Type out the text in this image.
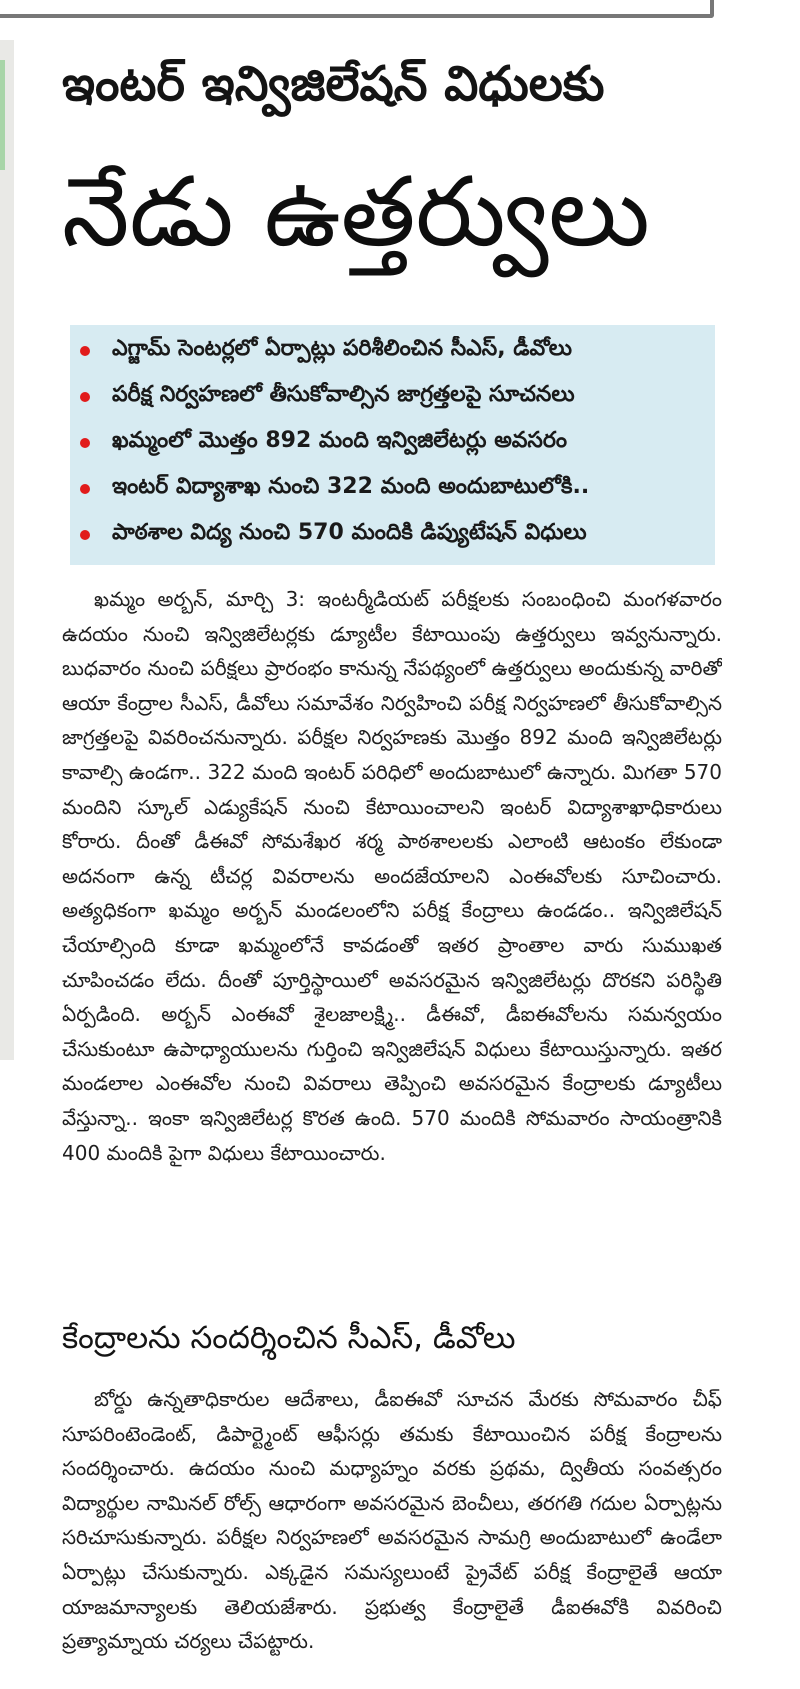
ఇంటర్ ఇన్విజిలేషన్ విధులకు
నేడు ఉత్తర్వులు
ఎగ్జామ్ సెంటర్లలో ఏర్పాట్లు పరిశీలించిన సీఎస్, డీవోలు
పరీక్ష నిర్వహణలో తీసుకోవాల్సిన జాగ్రత్తలపై సూచనలు
ఖమ్మంలో మొత్తం 892 మంది ఇన్విజిలేటర్లు అవసరం
ఇంటర్ విద్యాశాఖ నుంచి 322 మంది అందుబాటులోకి..
పాఠశాల విద్య నుంచి 570 మందికి డిప్యుటేషన్ విధులు
ఖమ్మం అర్బన్, మార్చి 3: ఇంటర్మీడియట్ పరీక్షలకు సంబంధించి మంగళవారం ఉదయం నుంచి ఇన్విజిలేటర్లకు డ్యూటీల కేటాయింపు ఉత్తర్వులు ఇవ్వనున్నారు. బుధవారం నుంచి పరీక్షలు ప్రారంభం కానున్న నేపథ్యంలో ఉత్తర్వులు అందుకున్న వారితో ఆయా కేంద్రాల సీఎస్, డీవోలు సమావేశం నిర్వహించి పరీక్ష నిర్వహణలో తీసుకోవాల్సిన జాగ్రత్తలపై వివరించనున్నారు. పరీక్షల నిర్వహణకు మొత్తం 892 మంది ఇన్విజిలేటర్లు కావాల్సి ఉండగా.. 322 మంది ఇంటర్ పరిధిలో అందుబాటులో ఉన్నారు. మిగతా 570 మందిని స్కూల్ ఎడ్యుకేషన్ నుంచి కేటాయించాలని ఇంటర్ విద్యాశాఖాధికారులు కోరారు. దీంతో డీఈవో సోమశేఖర శర్మ పాఠశాలలకు ఎలాంటి ఆటంకం లేకుండా అదనంగా ఉన్న టీచర్ల వివరాలను అందజేయాలని ఎంఈవోలకు సూచించారు. అత్యధికంగా ఖమ్మం అర్బన్ మండలంలోని పరీక్ష కేంద్రాలు ఉండడం.. ఇన్విజిలేషన్ చేయాల్సింది కూడా ఖమ్మంలోనే కావడంతో ఇతర ప్రాంతాల వారు సుముఖత చూపించడం లేదు. దీంతో పూర్తిస్థాయిలో అవసరమైన ఇన్విజిలేటర్లు దొరకని పరిస్థితి ఏర్పడింది. అర్బన్ ఎంఈవో శైలజాలక్ష్మి.. డీఈవో, డీఐఈవోలను సమన్వయం చేసుకుంటూ ఉపాధ్యాయులను గుర్తించి ఇన్విజిలేషన్ విధులు కేటాయిస్తున్నారు. ఇతర మండలాల ఎంఈవోల నుంచి వివరాలు తెప్పించి అవసరమైన కేంద్రాలకు డ్యూటీలు వేస్తున్నా.. ఇంకా ఇన్విజిలేటర్ల కొరత ఉంది. 570 మందికి సోమవారం సాయంత్రానికి 400 మందికి పైగా విధులు కేటాయించారు.
కేంద్రాలను సందర్శించిన సీఎస్, డీవోలు
బోర్డు ఉన్నతాధికారుల ఆదేశాలు, డీఐఈవో సూచన మేరకు సోమవారం చీఫ్ సూపరింటెండెంట్, డిపార్ట్మెంట్ ఆఫీసర్లు తమకు కేటాయించిన పరీక్ష కేంద్రాలను సందర్శించారు. ఉదయం నుంచి మధ్యాహ్నం వరకు ప్రథమ, ద్వితీయ సంవత్సరం విద్యార్థుల నామినల్ రోల్స్ ఆధారంగా అవసరమైన బెంచీలు, తరగతి గదుల ఏర్పాట్లను సరిచూసుకున్నారు. పరీక్షల నిర్వహణలో అవసరమైన సామగ్రి అందుబాటులో ఉండేలా ఏర్పాట్లు చేసుకున్నారు. ఎక్కడైన సమస్యలుంటే ప్రైవేట్ పరీక్ష కేంద్రాలైతే ఆయా యాజమాన్యాలకు తెలియజేశారు. ప్రభుత్వ కేంద్రాలైతే డీఐఈవోకి వివరించి ప్రత్యామ్నాయ చర్యలు చేపట్టారు.
